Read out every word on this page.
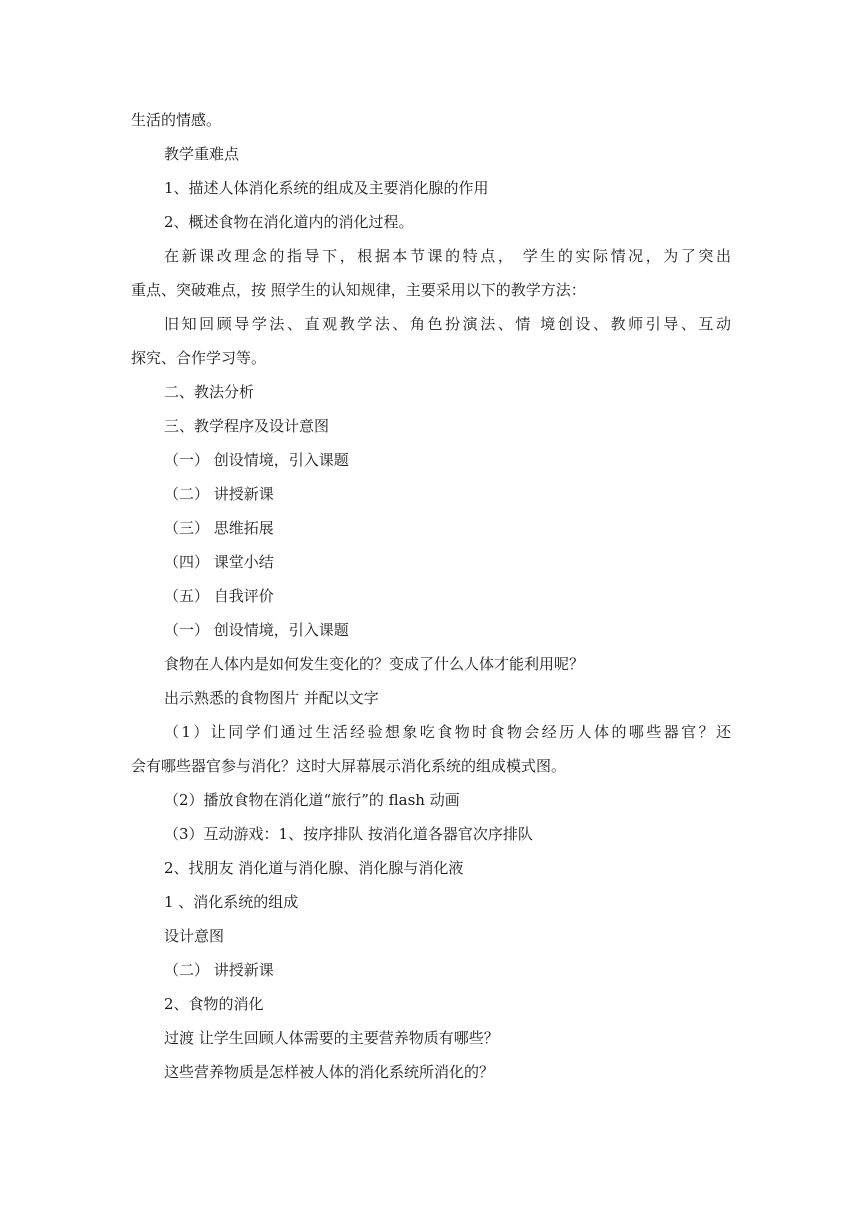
生活的情感。
教学重难点
1、描述人体消化系统的组成及主要消化腺的作用
2、概述食物在消化道内的消化过程。
在新课改理念的指导下，根据本节课的特点， 学生的实际情况，为了突出
重点、突破难点，按 照学生的认知规律，主要采用以下的教学方法：
旧知回顾导学法、直观教学法、角色扮演法、情 境创设、教师引导、互动
探究、合作学习等。
二、教法分析
三、教学程序及设计意图
（一） 创设情境，引入课题
（二） 讲授新课
（三） 思维拓展
（四） 课堂小结
（五） 自我评价
（一） 创设情境，引入课题
食物在人体内是如何发生变化的？变成了什么人体才能利用呢？
出示熟悉的食物图片 并配以文字
（1）让同学们通过生活经验想象吃食物时食物会经历人体的哪些器官？还
会有哪些器官参与消化？这时大屏幕展示消化系统的组成模式图。
（2）播放食物在消化道“旅行”的 flash 动画
（3）互动游戏：1、按序排队 按消化道各器官次序排队
2、找朋友 消化道与消化腺、消化腺与消化液
1 、消化系统的组成
设计意图
（二） 讲授新课
2、食物的消化
过渡 让学生回顾人体需要的主要营养物质有哪些？
这些营养物质是怎样被人体的消化系统所消化的？
